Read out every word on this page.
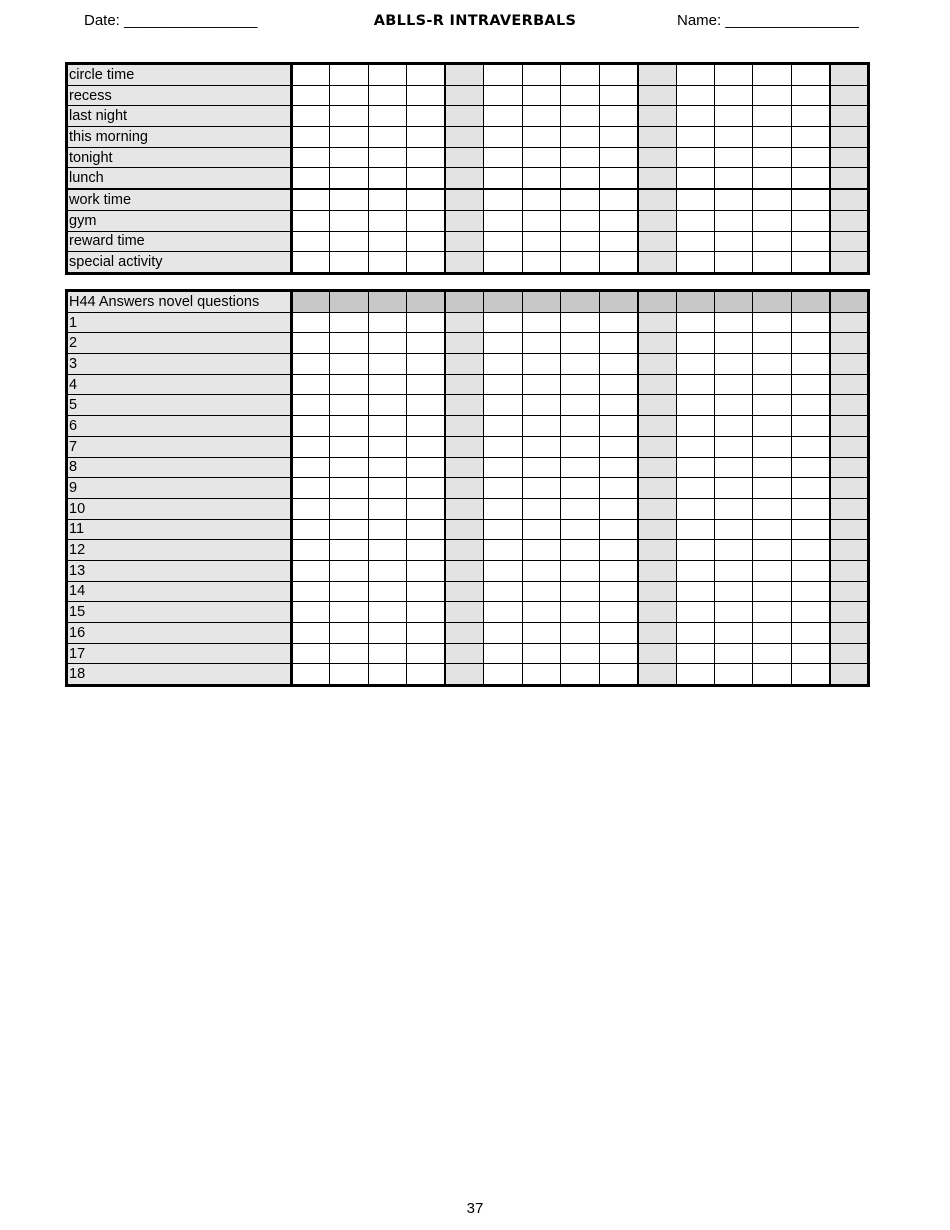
Date: ________________	ABLLS-R INTRAVERBALS	Name: ________________
circle time															

recess															

last night															

this morning															

tonight															

lunch															

work time															

gym															

reward time															

special activity															

H44 Answers novel questions															

1															

2															

3															

4															

5															

6															

7															

8															

9															

10															

11															

12															

13															

14															

15															

16															

17															

18															

37
